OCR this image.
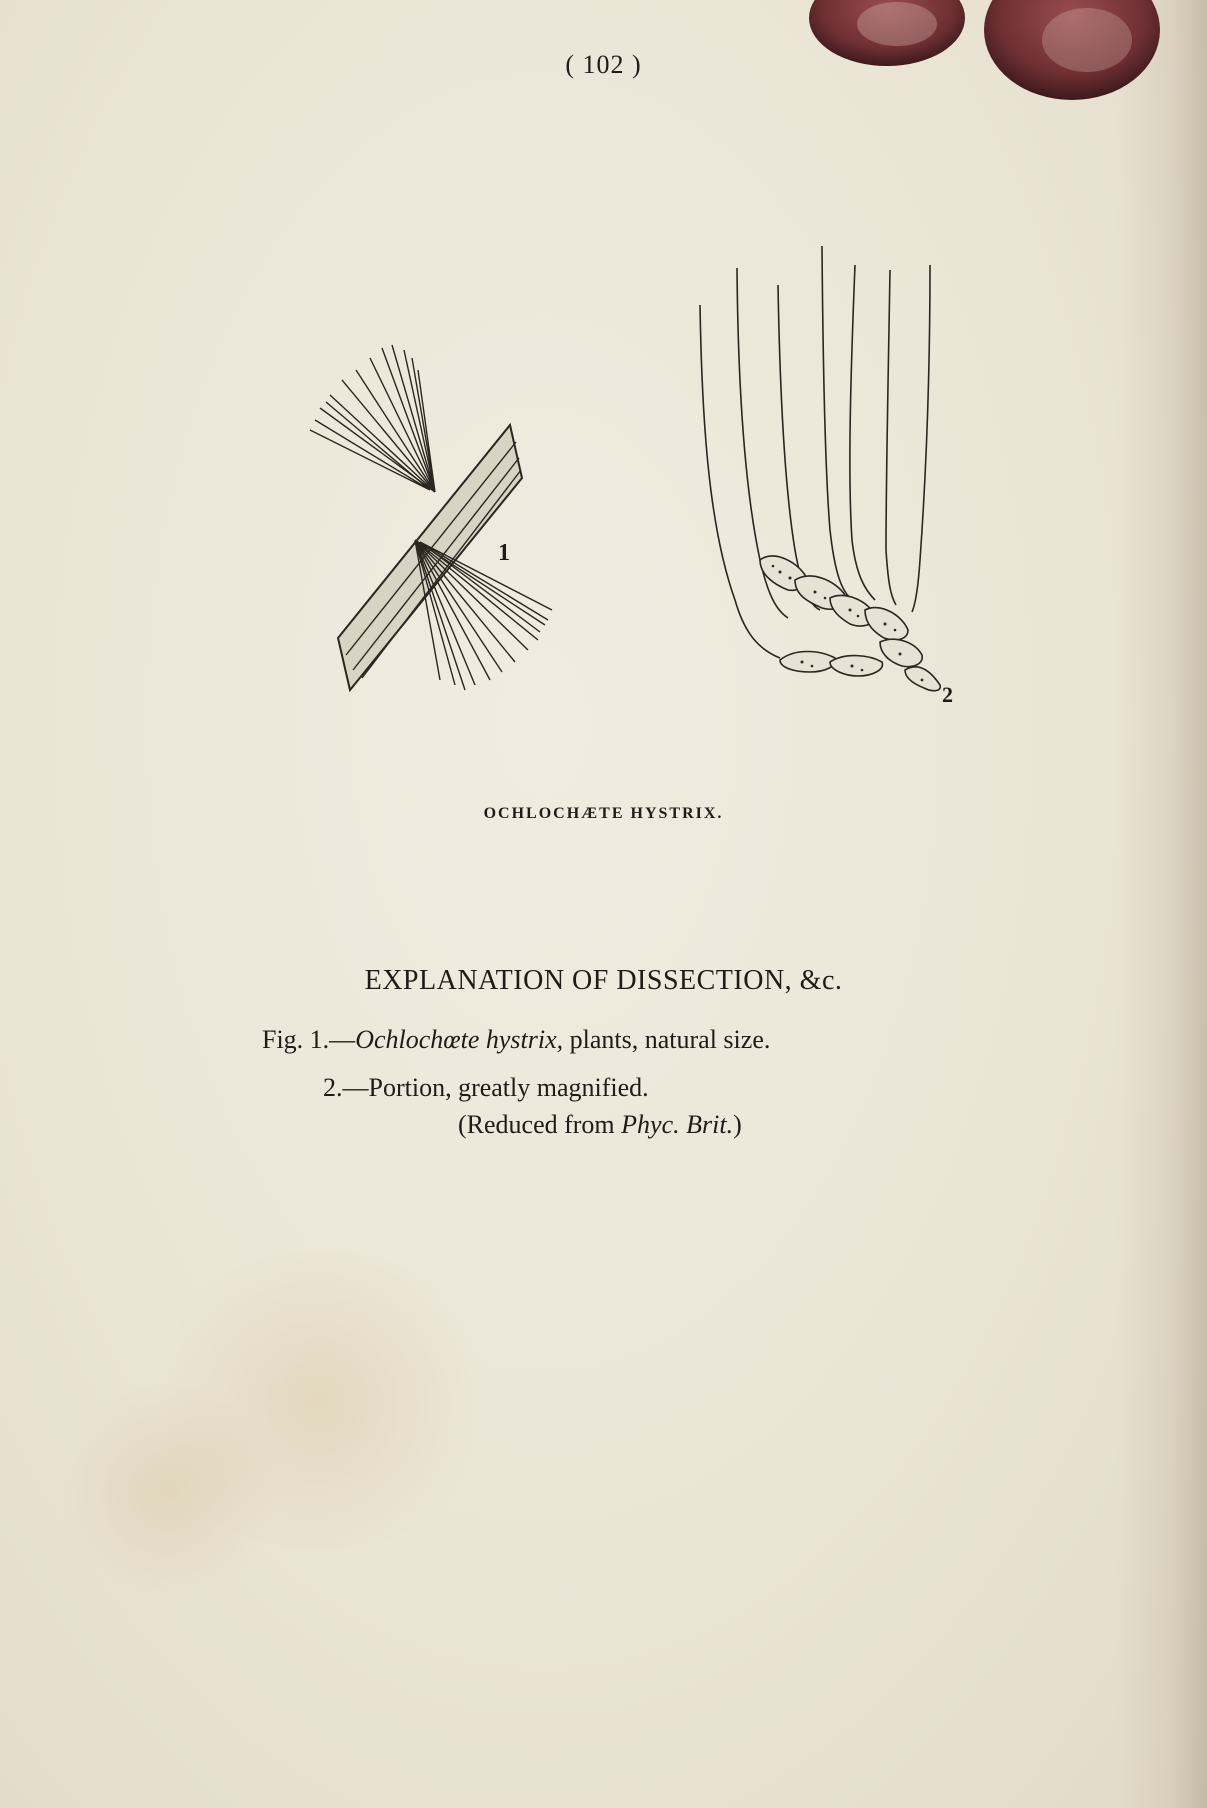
( 102 )
1
2
OCHLOCHÆTE HYSTRIX.
EXPLANATION OF DISSECTION, &c.
Fig. 1.—Ochlochœte hystrix, plants, natural size.
2.—Portion, greatly magnified.
(Reduced from Phyc. Brit.)
